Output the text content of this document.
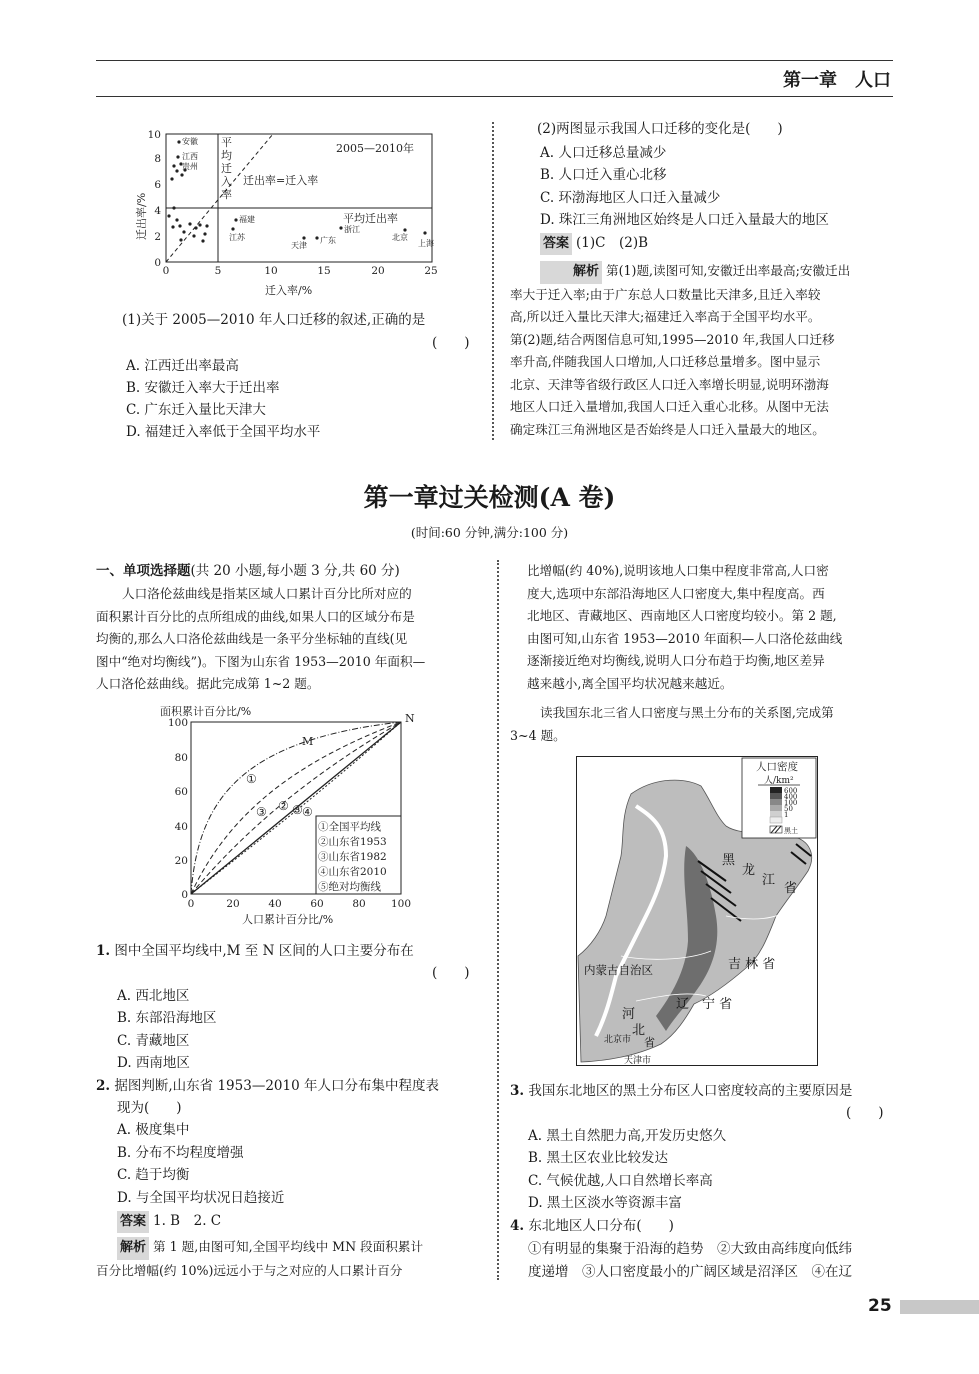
第一章　人口
迁出率/%
迁入率/%
2005—2010年
迁出率=迁入率
平均迁出率
平
均
迁
入
率
0	5	10	15	20	25
0
2
4
6
8
10
安徽
江西
贵州
福建
江苏
天津
广东
浙江
北京
上海
(1)关于 2005—2010 年人口迁移的叙述,正确的是
(　　)
A. 江西迁出率最高
B. 安徽迁入率大于迁出率
C. 广东迁入量比天津大
D. 福建迁入率低于全国平均水平
(2)两图显示我国人口迁移的变化是(　　)
A. 人口迁移总量减少
B. 人口迁入重心北移
C. 环渤海地区人口迁入量减少
D. 珠江三角洲地区始终是人口迁入量最大的地区
答案 (1)C　(2)B
解析 第(1)题,读图可知,安徽迁出率最高;安徽迁出
率大于迁入率;由于广东总人口数量比天津多,且迁入率较
高,所以迁入量比天津大;福建迁入率高于全国平均水平。
第(2)题,结合两图信息可知,1995—2010 年,我国人口迁移
率升高,伴随我国人口增加,人口迁移总量增多。图中显示
北京、天津等省级行政区人口迁入率增长明显,说明环渤海
地区人口迁入量增加,我国人口迁入重心北移。从图中无法
确定珠江三角洲地区是否始终是人口迁入量最大的地区。
第一章过关检测(A 卷)
(时间:60 分钟,满分:100 分)
一、单项选择题(共 20 小题,每小题 3 分,共 60 分)
人口洛伦兹曲线是指某区域人口累计百分比所对应的
面积累计百分比的点所组成的曲线,如果人口的区域分布是
均衡的,那么人口洛伦兹曲线是一条平分坐标轴的直线(见
图中“绝对均衡线”)。下图为山东省 1953—2010 年面积—
人口洛伦兹曲线。据此完成第 1~2 题。
面积累计百分比/%
人口累计百分比/%
N
M
0
20
40
60
80
100
0	20	40	60	80 100
①
② ④
③ ⑤
①全国平均线
②山东省1953
③山东省1982
④山东省2010
⑤绝对均衡线
1. 图中全国平均线中,M 至 N 区间的人口主要分布在
(　　)
A. 西北地区
B. 东部沿海地区
C. 青藏地区
D. 西南地区
2. 据图判断,山东省 1953—2010 年人口分布集中程度表
现为(　　)
A. 极度集中
B. 分布不均程度增强
C. 趋于均衡
D. 与全国平均状况日趋接近
答案 1. B　2. C
解析 第 1 题,由图可知,全国平均线中 MN 段面积累计
百分比增幅(约 10%)远远小于与之对应的人口累计百分
比增幅(约 40%),说明该地人口集中程度非常高,人口密
度大,选项中东部沿海地区人口密度大,集中程度高。西
北地区、青藏地区、西南地区人口密度均较小。第 2 题,
由图可知,山东省 1953—2010 年面积—人口洛伦兹曲线
逐渐接近绝对均衡线,说明人口分布趋于均衡,地区差异
越来越小,离全国平均状况越来越近。
读我国东北三省人口密度与黑土分布的关系图,完成第
3~4 题。
人口密度
人/km²
600
400
100
50
1
黑土
黑
龙
江
省
吉 林 省
辽　宁 省
内蒙古自治区
河
北
省
北京市
天津市
3. 我国东北地区的黑土分布区人口密度较高的主要原因是
(　　)
A. 黑土自然肥力高,开发历史悠久
B. 黑土区农业比较发达
C. 气候优越,人口自然增长率高
D. 黑土区淡水等资源丰富
4. 东北地区人口分布(　　)
①有明显的集聚于沿海的趋势　②大致由高纬度向低纬
度递增　③人口密度最小的广阔区域是沼泽区　④在辽
25
